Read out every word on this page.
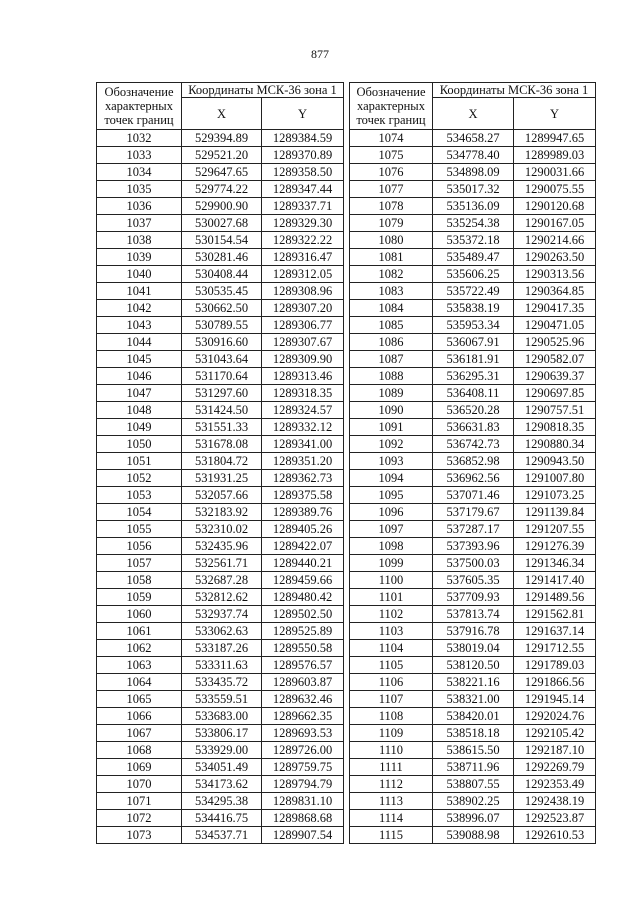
877
Обозначение характерных точек границ	Координаты МСК-36 зона 1			Обозначение характерных точек границ	Координаты МСК-36 зона 1	
	X	Y			X	Y
1032	529394.89	1289384.59		1074	534658.27	1289947.65
1033	529521.20	1289370.89		1075	534778.40	1289989.03
1034	529647.65	1289358.50		1076	534898.09	1290031.66
1035	529774.22	1289347.44		1077	535017.32	1290075.55
1036	529900.90	1289337.71		1078	535136.09	1290120.68
1037	530027.68	1289329.30		1079	535254.38	1290167.05
1038	530154.54	1289322.22		1080	535372.18	1290214.66
1039	530281.46	1289316.47		1081	535489.47	1290263.50
1040	530408.44	1289312.05		1082	535606.25	1290313.56
1041	530535.45	1289308.96		1083	535722.49	1290364.85
1042	530662.50	1289307.20		1084	535838.19	1290417.35
1043	530789.55	1289306.77		1085	535953.34	1290471.05
1044	530916.60	1289307.67		1086	536067.91	1290525.96
1045	531043.64	1289309.90		1087	536181.91	1290582.07
1046	531170.64	1289313.46		1088	536295.31	1290639.37
1047	531297.60	1289318.35		1089	536408.11	1290697.85
1048	531424.50	1289324.57		1090	536520.28	1290757.51
1049	531551.33	1289332.12		1091	536631.83	1290818.35
1050	531678.08	1289341.00		1092	536742.73	1290880.34
1051	531804.72	1289351.20		1093	536852.98	1290943.50
1052	531931.25	1289362.73		1094	536962.56	1291007.80
1053	532057.66	1289375.58		1095	537071.46	1291073.25
1054	532183.92	1289389.76		1096	537179.67	1291139.84
1055	532310.02	1289405.26		1097	537287.17	1291207.55
1056	532435.96	1289422.07		1098	537393.96	1291276.39
1057	532561.71	1289440.21		1099	537500.03	1291346.34
1058	532687.28	1289459.66		1100	537605.35	1291417.40
1059	532812.62	1289480.42		1101	537709.93	1291489.56
1060	532937.74	1289502.50		1102	537813.74	1291562.81
1061	533062.63	1289525.89		1103	537916.78	1291637.14
1062	533187.26	1289550.58		1104	538019.04	1291712.55
1063	533311.63	1289576.57		1105	538120.50	1291789.03
1064	533435.72	1289603.87		1106	538221.16	1291866.56
1065	533559.51	1289632.46		1107	538321.00	1291945.14
1066	533683.00	1289662.35		1108	538420.01	1292024.76
1067	533806.17	1289693.53		1109	538518.18	1292105.42
1068	533929.00	1289726.00		1110	538615.50	1292187.10
1069	534051.49	1289759.75		1111	538711.96	1292269.79
1070	534173.62	1289794.79		1112	538807.55	1292353.49
1071	534295.38	1289831.10		1113	538902.25	1292438.19
1072	534416.75	1289868.68		1114	538996.07	1292523.87
1073	534537.71	1289907.54		1115	539088.98	1292610.53
